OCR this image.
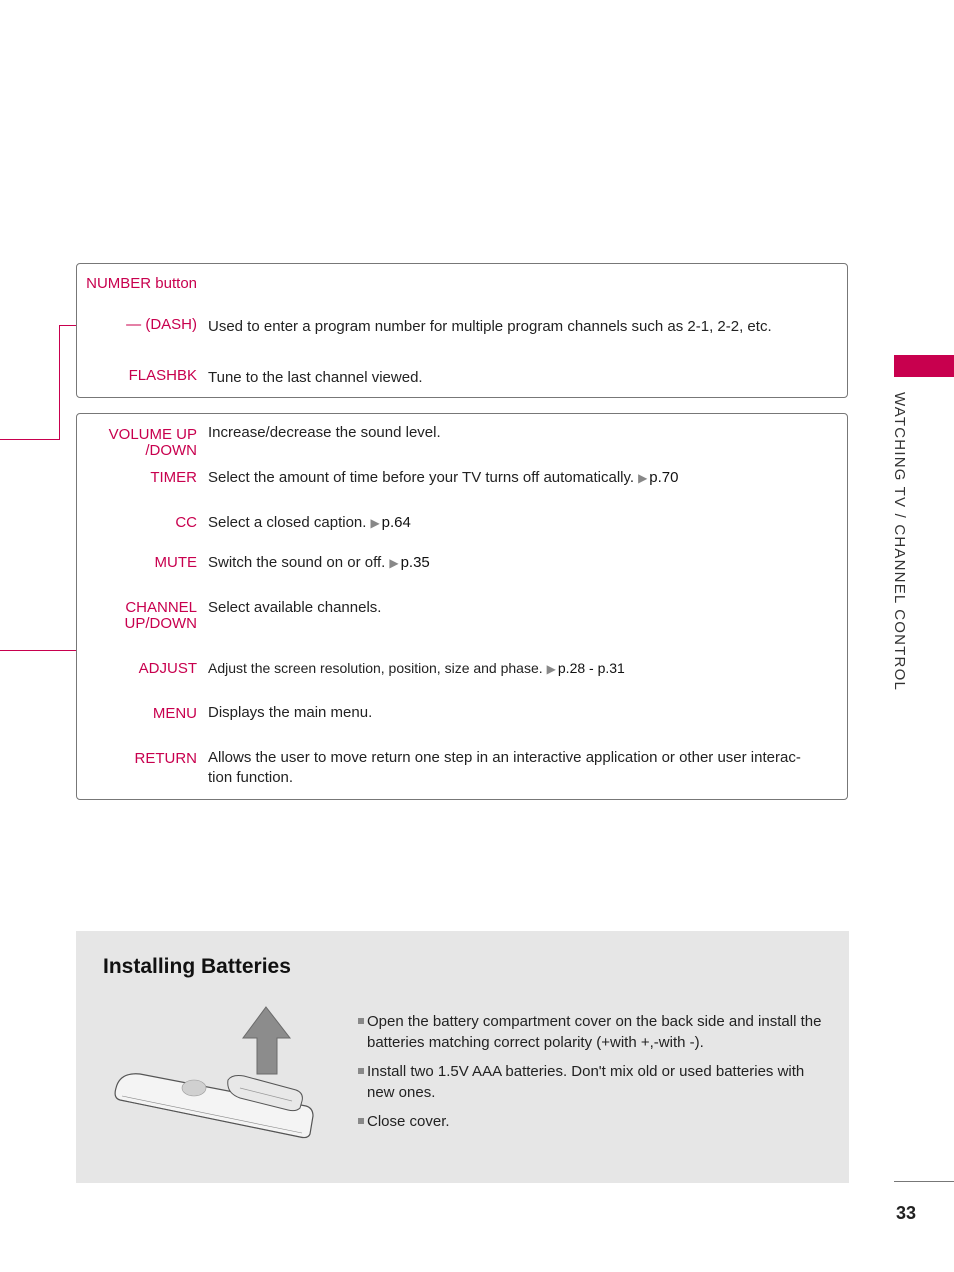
NUMBER button
— (DASH) Used to enter a program number for multiple program channels such as 2-1, 2-2, etc.
FLASHBK Tune to the last channel viewed.
VOLUME UP
/DOWN
Increase/decrease the sound level.
TIMER Select the amount of time before your TV turns off automatically. ▶ p.70
CC Select a closed caption. ▶ p.64
MUTE Switch the sound on or off. ▶ p.35
CHANNEL
UP/DOWN
Select available channels.
ADJUST Adjust the screen resolution, position, size and phase. ▶ p.28 - p.31
MENU Displays the main menu.
RETURN Allows the user to move return one step in an interactive application or other user interac-tion function.
WATCHING TV / CHANNEL CONTROL
Installing Batteries
Open the battery compartment cover on the back side and install the batteries matching correct polarity (+with +,-with -).
Install two 1.5V AAA batteries. Don't mix old or used batteries with new ones.
Close cover.
33
